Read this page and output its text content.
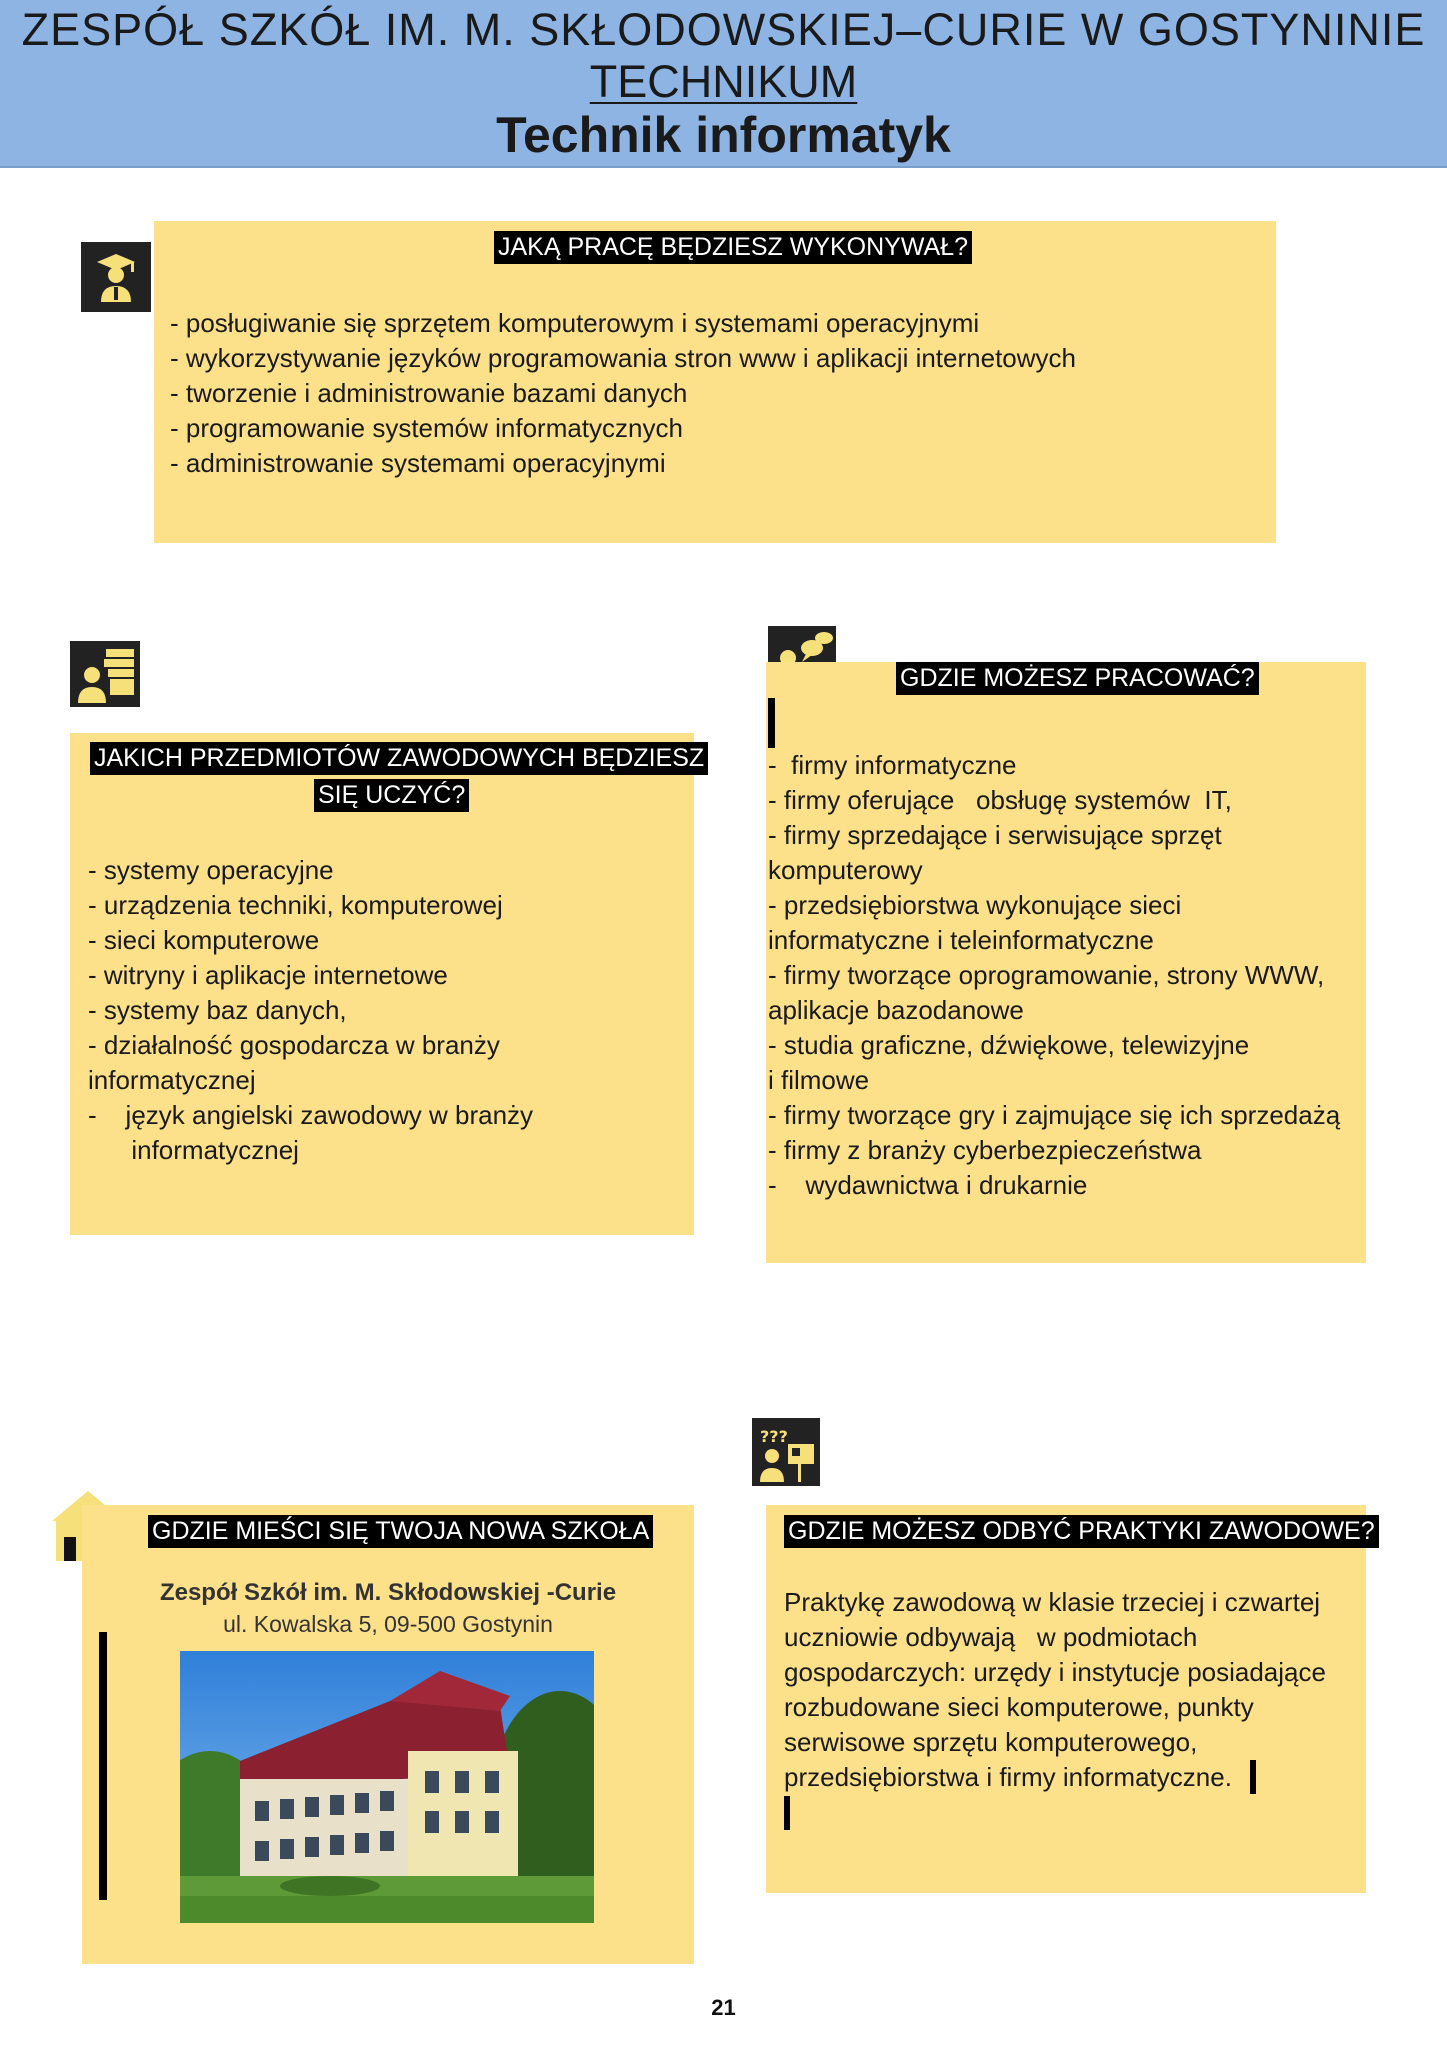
ZESPÓŁ SZKÓŁ IM. M. SKŁODOWSKIEJ–CURIE W GOSTYNINIE
TECHNIKUM
Technik informatyk
JAKĄ PRACĘ BĘDZIESZ WYKONYWAŁ?
- posługiwanie się sprzętem komputerowym i systemami operacyjnymi
- wykorzystywanie języków programowania stron www i aplikacji internetowych
- tworzenie i administrowanie bazami danych
- programowanie systemów informatycznych
- administrowanie systemami operacyjnymi
JAKICH PRZEDMIOTÓW ZAWODOWYCH BĘDZIESZ
SIĘ UCZYĆ?
- systemy operacyjne
- urządzenia techniki, komputerowej
- sieci komputerowe
- witryny i aplikacje internetowe
- systemy baz danych,
- działalność gospodarcza w branży
informatycznej
-    język angielski zawodowy w branży
informatycznej
GDZIE MOŻESZ PRACOWAĆ?
-  firmy informatyczne
- firmy oferujące   obsługę systemów  IT,
- firmy sprzedające i serwisujące sprzęt
komputerowy
- przedsiębiorstwa wykonujące sieci
informatyczne i teleinformatyczne
- firmy tworzące oprogramowanie, strony WWW,
aplikacje bazodanowe
- studia graficzne, dźwiękowe, telewizyjne
i filmowe
- firmy tworzące gry i zajmujące się ich sprzedażą
- firmy z branży cyberbezpieczeństwa
-    wydawnictwa i drukarnie
GDZIE MIEŚCI SIĘ TWOJA NOWA SZKOŁA
Zespół Szkół im. M. Skłodowskiej -Curie
ul. Kowalska 5, 09-500 Gostynin
???
GDZIE MOŻESZ ODBYĆ PRAKTYKI ZAWODOWE?
Praktykę zawodową w klasie trzeciej i czwartej
uczniowie odbywają   w podmiotach
gospodarczych: urzędy i instytucje posiadające
rozbudowane sieci komputerowe, punkty
serwisowe sprzętu komputerowego,
przedsiębiorstwa i firmy informatyczne.
21
